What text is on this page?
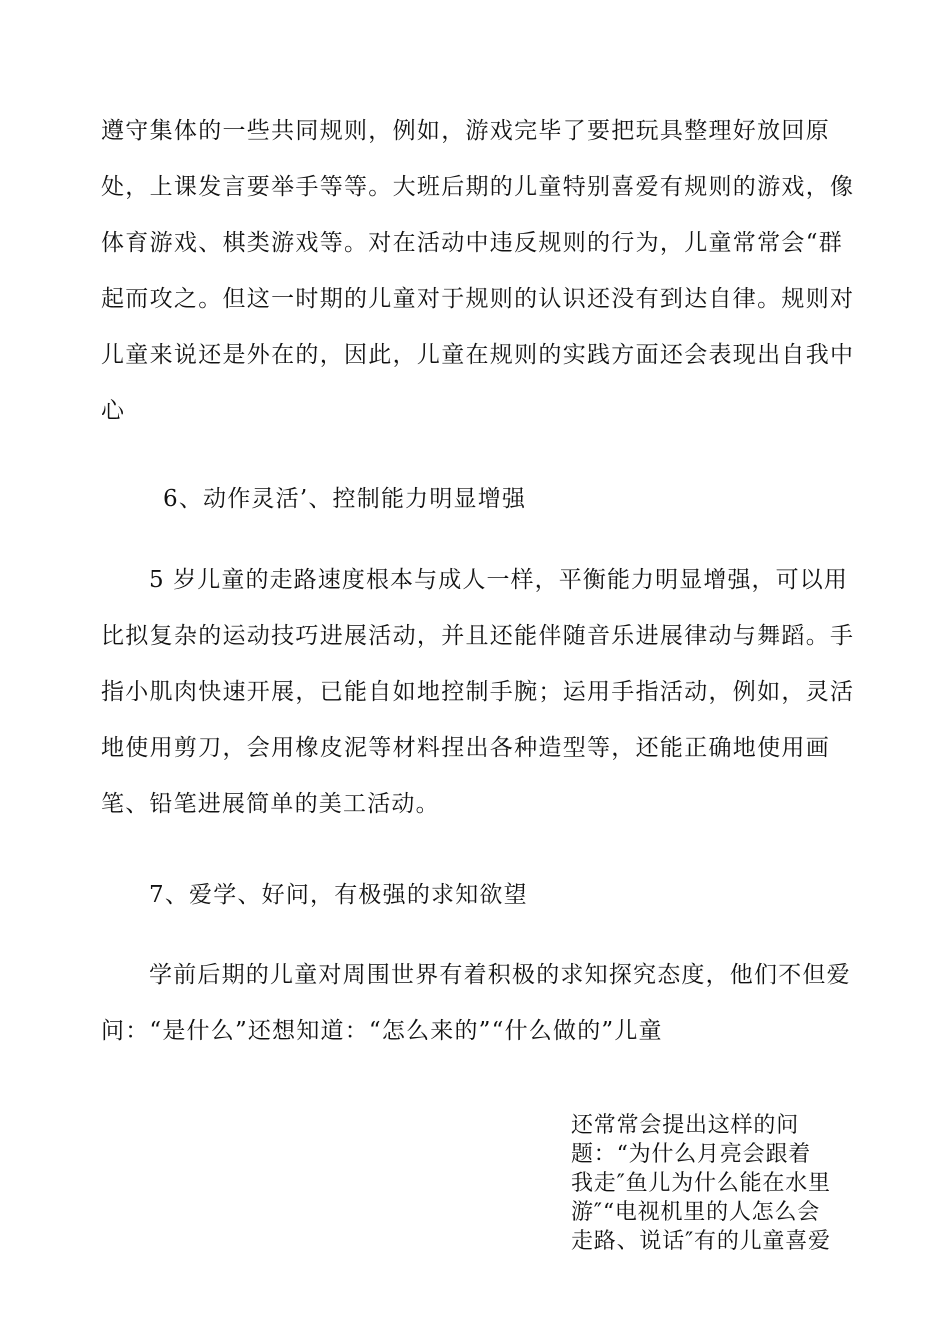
遵守集体的一些共同规则，例如，游戏完毕了要把玩具整理好放回原
处，上课发言要举手等等。大班后期的儿童特别喜爱有规则的游戏，像
体育游戏、棋类游戏等。对在活动中违反规则的行为，儿童常常会“群
起而攻之。但这一时期的儿童对于规则的认识还没有到达自律。规则对
儿童来说还是外在的，因此，儿童在规则的实践方面还会表现出自我中
心

6、动作灵活’、控制能力明显增强

5 岁儿童的走路速度根本与成人一样，平衡能力明显增强，可以用
比拟复杂的运动技巧进展活动，并且还能伴随音乐进展律动与舞蹈。手
指小肌肉快速开展，已能自如地控制手腕；运用手指活动，例如，灵活
地使用剪刀，会用橡皮泥等材料捏出各种造型等，还能正确地使用画
笔、铅笔进展简单的美工活动。

7、爱学、好问，有极强的求知欲望

学前后期的儿童对周围世界有着积极的求知探究态度，他们不但爱
问：“是什么”还想知道：“怎么来的”“什么做的”儿童
还常常会提出这样的问
题：“为什么月亮会跟着
我走″鱼儿为什么能在水里
游″“电视机里的人怎么会
走路、说话″有的儿童喜爱
